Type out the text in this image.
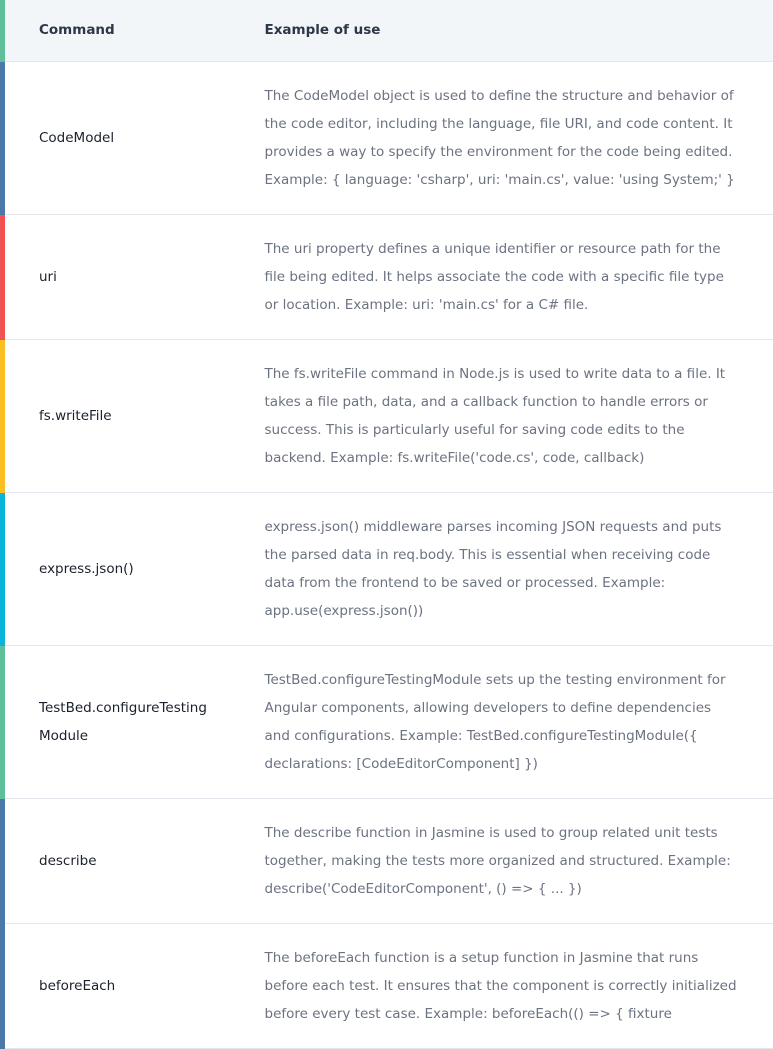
Command	Example of use

CodeModel	The CodeModel object is used to define the structure and behavior of the code editor, including the language, file URI, and code content. It provides a way to specify the environment for the code being edited. Example: { language: 'csharp', uri: 'main.cs', value: 'using System;' }

uri	The uri property defines a unique identifier or resource path for the file being edited. It helps associate the code with a specific file type or location. Example: uri: 'main.cs' for a C# file.

fs.writeFile	The fs.writeFile command in Node.js is used to write data to a file. It takes a file path, data, and a callback function to handle errors or success. This is particularly useful for saving code edits to the backend. Example: fs.writeFile('code.cs', code, callback)

express.json()	express.json() middleware parses incoming JSON requests and puts the parsed data in req.body. This is essential when receiving code data from the frontend to be saved or processed. Example: app.use(express.json())

TestBed.configureTestingModule	TestBed.configureTestingModule sets up the testing environment for Angular components, allowing developers to define dependencies and configurations. Example: TestBed.configureTestingModule({ declarations: [CodeEditorComponent] })

describe	The describe function in Jasmine is used to group related unit tests together, making the tests more organized and structured. Example: describe('CodeEditorComponent', () => { ... })

beforeEach	The beforeEach function is a setup function in Jasmine that runs before each test. It ensures that the component is correctly initialized before every test case. Example: beforeEach(() => { fixture
